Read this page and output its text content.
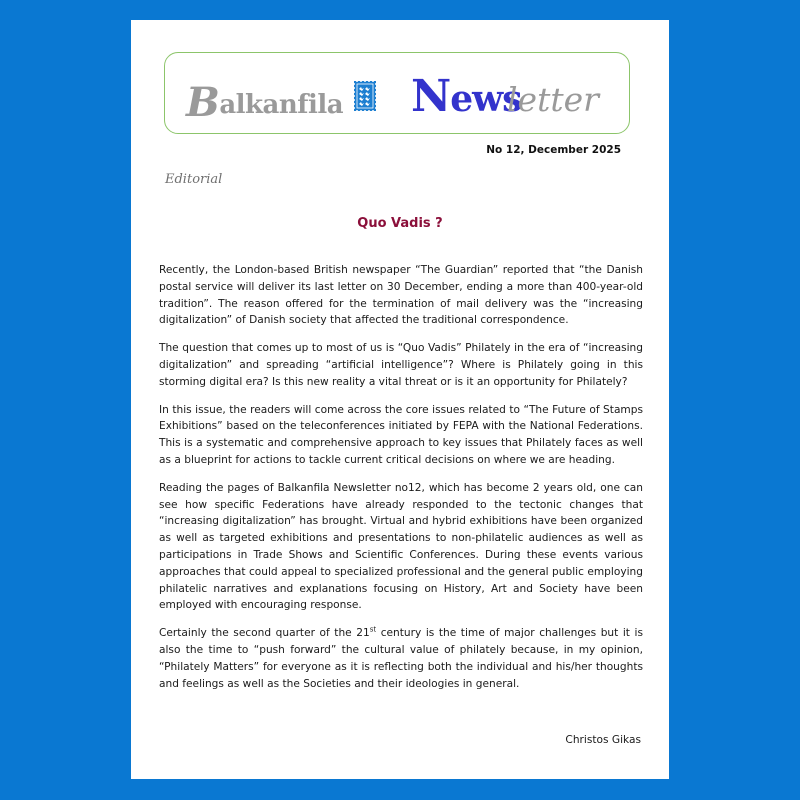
Balkanfila News
letter
No 12, December 2025
Editorial
Quo Vadis ?

Recently, the London-based British newspaper “The Guardian” reported that “the Danish postal service will deliver its last letter on 30 December, ending a more than 400-year-old tradition”. The reason offered for the termination of mail delivery was the “increasing digitalization” of Danish society that affected the traditional correspondence.

The question that comes up to most of us is “Quo Vadis” Philately in the era of “increasing digitalization” and spreading “artificial intelligence”? Where is Philately going in this storming digital era? Is this new reality a vital threat or is it an opportunity for Philately?

In this issue, the readers will come across the core issues related to “The Future of Stamps Exhibitions” based on the teleconferences initiated by FEPA with the National Federations. This is a systematic and comprehensive approach to key issues that Philately faces as well as a blueprint for actions to tackle current critical decisions on where we are heading.

Reading the pages of Balkanfila Newsletter no12, which has become 2 years old, one can see how specific Federations have already responded to the tectonic changes that “increasing digitalization” has brought. Virtual and hybrid exhibitions have been organized as well as targeted exhibitions and presentations to non-philatelic audiences as well as participations in Trade Shows and Scientific Conferences. During these events various approaches that could appeal to specialized professional and the general public employing philatelic narratives and explanations focusing on History, Art and Society have been employed with encouraging response.

Certainly the second quarter of the 21st century is the time of major challenges but it is also the time to “push forward” the cultural value of philately because, in my opinion, “Philately Matters” for everyone as it is reflecting both the individual and his/her thoughts and feelings as well as the Societies and their ideologies in general.

Christos Gikas
